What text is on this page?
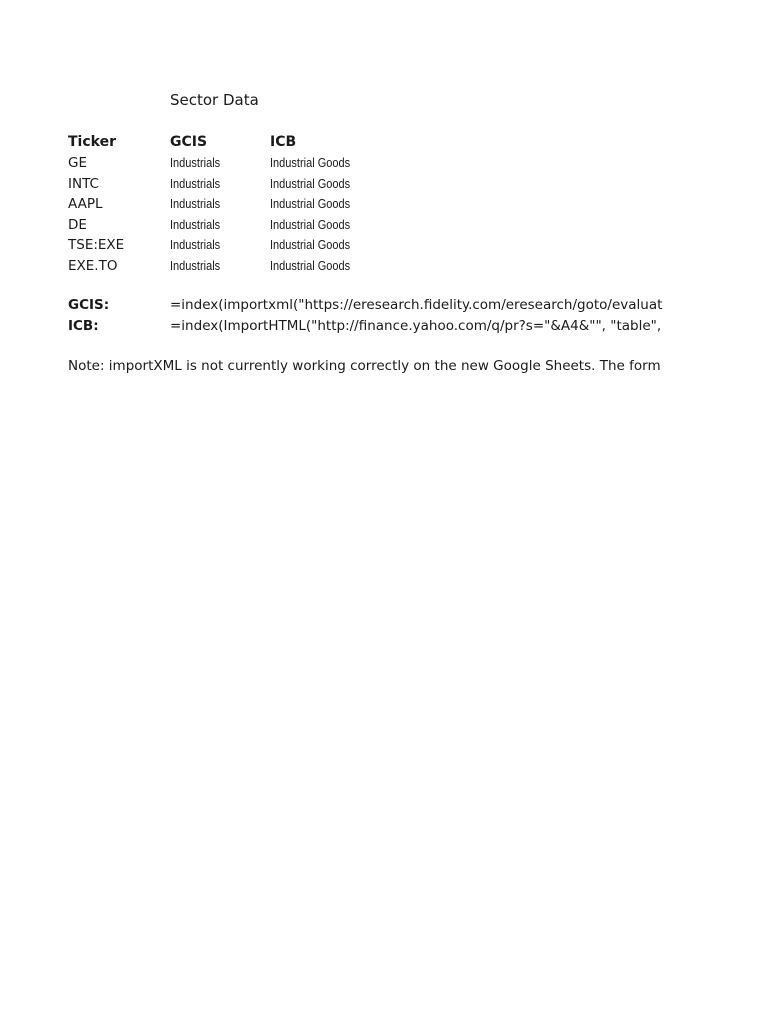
Sector Data
Ticker	GCIS	ICB
GE	Industrials	Industrial Goods
INTC	Industrials	Industrial Goods
AAPL	Industrials	Industrial Goods
DE	Industrials	Industrial Goods
TSE:EXE	Industrials	Industrial Goods
EXE.TO	Industrials	Industrial Goods
GCIS:	=index(importxml("https://eresearch.fidelity.com/eresearch/goto/evaluat
ICB:	=index(ImportHTML("http://finance.yahoo.com/q/pr?s="&A4&"", "table",
Note: importXML is not currently working correctly on the new Google Sheets. The form
